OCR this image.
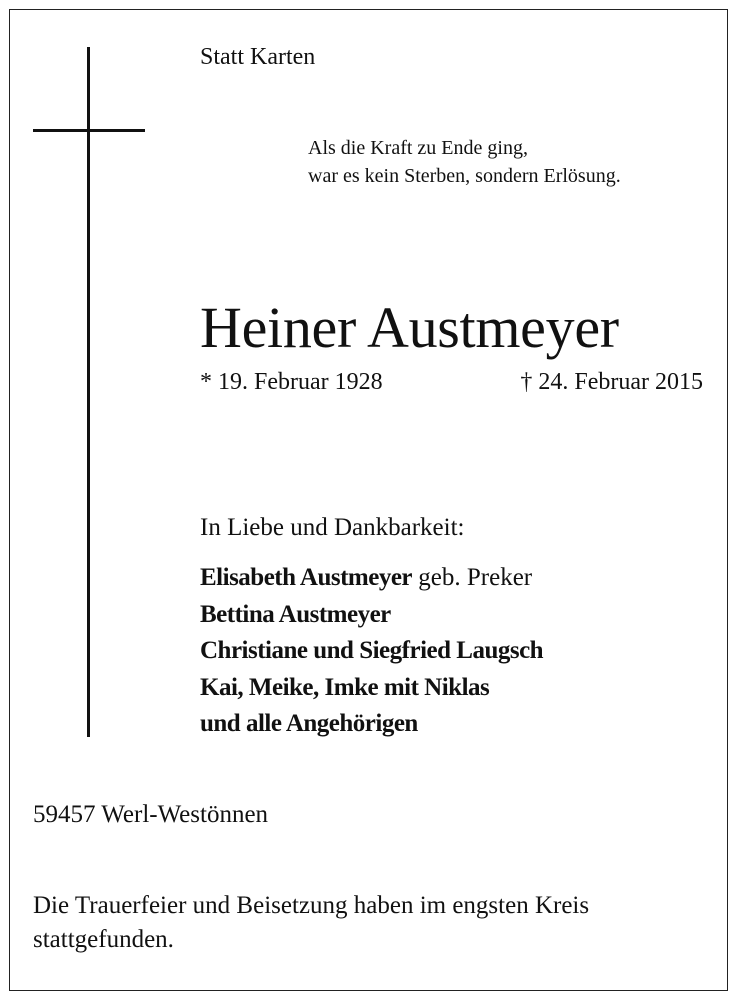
Statt Karten

Als die Kraft zu Ende ging,
war es kein Sterben, sondern Erlösung.

Heiner Austmeyer

* 19. Februar 1928	† 24. Februar 2015

In Liebe und Dankbarkeit:

Elisabeth Austmeyer geb. Preker
Bettina Austmeyer
Christiane und Siegfried Laugsch
Kai, Meike, Imke mit Niklas
und alle Angehörigen

59457 Werl-Westönnen

Die Trauerfeier und Beisetzung haben im engsten Kreis
stattgefunden.
